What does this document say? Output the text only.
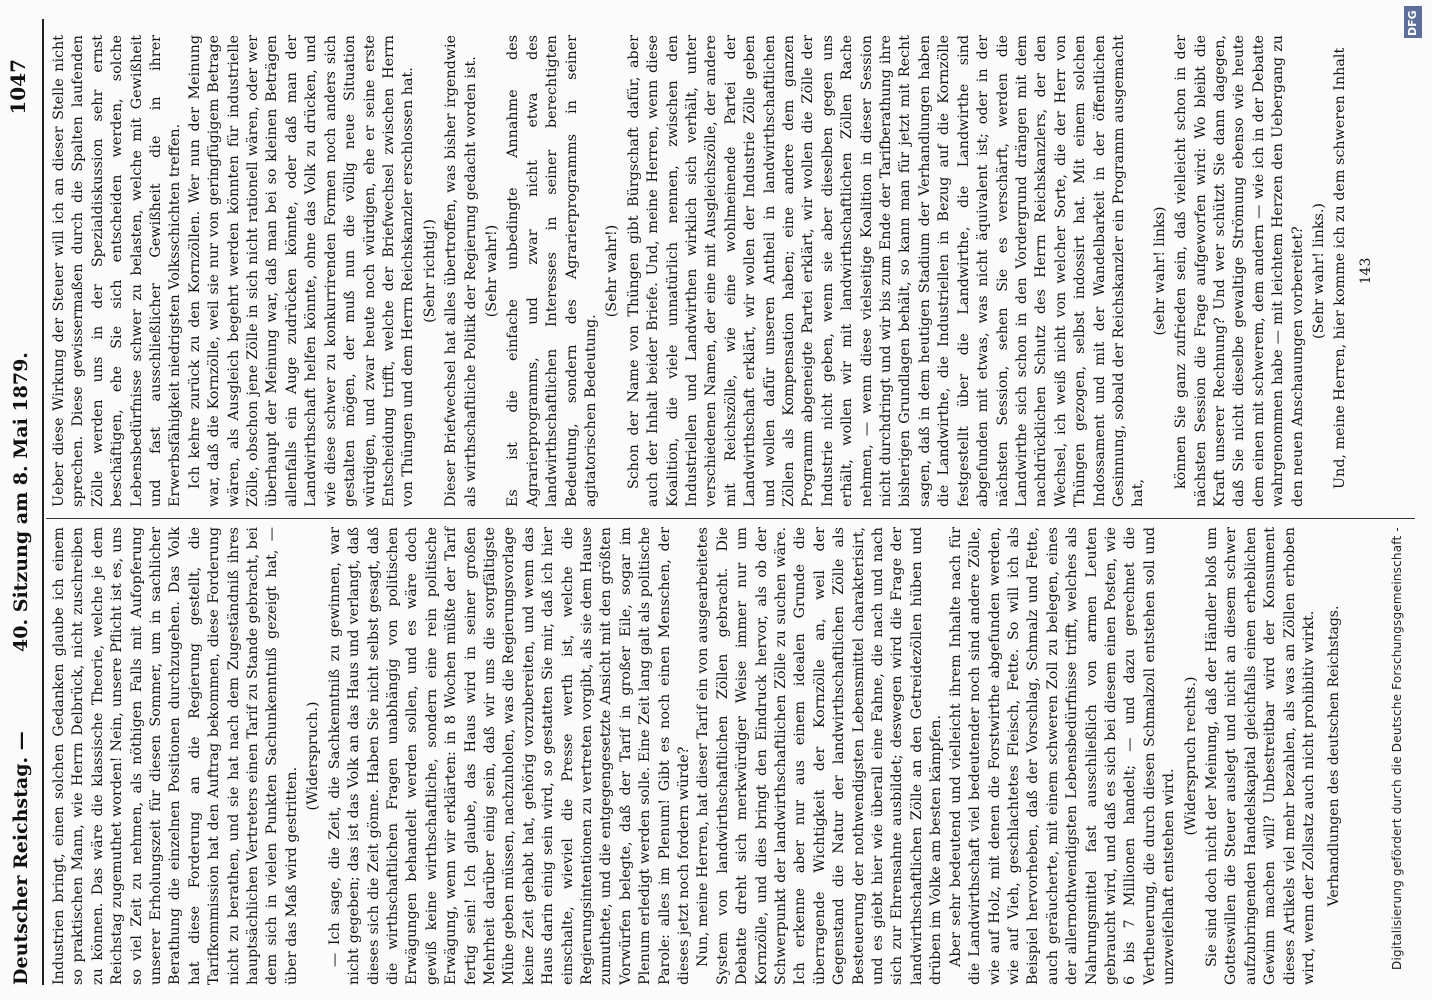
Deutscher Reichstag. —
40. Sitzung am 8. Mai 1879.
1047

Industrien bringt, einen solchen Gedanken glaube ich einem so praktischen Mann, wie Herrn Delbrück, nicht zuschreiben zu können. Das wäre die klassische Theorie, welche je dem Reichstag zugemuthet worden! Nein, unsere Pflicht ist es, uns so viel Zeit zu nehmen, als nöthigen Falls mit Aufopferung unserer Erholungszeit für diesen Sommer, um in sachlicher Berathung die einzelnen Positionen durchzugehen. Das Volk hat diese Forderung an die Regierung gestellt, die Tarifkommission hat den Auftrag bekommen, diese Forderung nicht zu berathen, und sie hat nach dem Zugeständniß ihres hauptsächlichen Vertreters einen Tarif zu Stande gebracht, bei dem sich in vielen Punkten Sachunkenntniß gezeigt hat, — über das Maß wird gestritten.

(Widerspruch.) — Ich sage, die Zeit, die Sachkenntniß zu gewinnen, war nicht gegeben; das ist das Volk an das Haus und verlangt, daß dieses sich die Zeit gönne. Haben Sie nicht selbst gesagt, daß die wirthschaftlichen Fragen unabhängig von politischen Erwägungen behandelt werden sollen, und es wäre doch gewiß keine wirthschaftliche, sondern eine rein politische Erwägung, wenn wir erklärten: in 8 Wochen müßte der Tarif fertig sein! Ich glaube, das Haus wird in seiner großen Mehrheit darüber einig sein, daß wir uns die sorgfältigste Mühe geben müssen, nachzuholen, was die Regierungsvorlage keine Zeit gehabt hat, gehörig vorzubereiten, und wenn das Haus darin einig sein wird, so gestatten Sie mir, daß ich hier einschalte, wieviel die Presse werth ist, welche die Regierungsintentionen zu vertreten vorgibt, als sie dem Hause zumuthete, und die entgegengesetzte Ansicht mit den größten Vorwürfen belegte, daß der Tarif in großer Eile, sogar im Plenum erledigt werden solle. Eine Zeit lang galt als politische Parole: alles im Plenum! Gibt es noch einen Menschen, der dieses jetzt noch fordern würde? Nun, meine Herren, hat dieser Tarif ein von ausgearbeitetes System von landwirthschaftlichen Zöllen gebracht. Die Debatte dreht sich merkwürdiger Weise immer nur um Kornzölle, und dies bringt den Eindruck hervor, als ob der Schwerpunkt der landwirthschaftlichen Zölle zu suchen wäre. Ich erkenne aber nur aus einem idealen Grunde die überragende Wichtigkeit der Kornzölle an, weil der Gegenstand die Natur der landwirthschaftlichen Zölle als Besteuerung der nothwendigsten Lebensmittel charakterisirt, und es giebt hier wie überall eine Fahne, die nach und nach sich zur Ehrensahne ausbildet; deswegen wird die Frage der landwirthschaftlichen Zölle an den Getreidezöllen hüben und drüben im Volke am besten kämpfen. Aber sehr bedeutend und vielleicht ihrem Inhalte nach für die Landwirthschaft viel bedeutender noch sind andere Zölle, wie auf Holz, mit denen die Forstwirthe abgefunden werden, wie auf Vieh, geschlachtetes Fleisch, Fette. So will ich als Beispiel hervorheben, daß der Vorschlag, Schmalz und Fette, auch geräucherte, mit einem schweren Zoll zu belegen, eines der allernothwendigsten Lebensbedürfnisse trifft, welches als Nahrungsmittel fast ausschließlich von armen Leuten gebraucht wird, und daß es sich bei diesem einen Posten, wie 6 bis 7 Millionen handelt; — und dazu gerechnet die Vertheuerung, die durch diesen Schmalzoll entstehen soll und unzweifelhaft entstehen wird.

(Widerspruch rechts.) Sie sind doch nicht der Meinung, daß der Händler bloß um Gotteswillen die Steuer auslegt und nicht an diesem schwer aufzubringenden Handelskapital gleichfalls einen erheblichen Gewinn machen will? Unbestreitbar wird der Konsument dieses Artikels viel mehr bezahlen, als was an Zöllen erhoben wird, wenn der Zollsatz auch nicht prohibitiv wirkt. Verhandlungen des deutschen Reichstags.

Ueber diese Wirkung der Steuer will ich an dieser Stelle nicht sprechen. Diese gewissermaßen durch die Spalten laufenden Zölle werden uns in der Spezialdiskussion sehr ernst beschäftigen, ehe Sie sich entscheiden werden, solche Lebensbedürfnisse schwer zu belasten, welche mit Gewißheit und fast ausschließlicher Gewißheit die in ihrer Erwerbsfähigkeit niedrigsten Volksschichten treffen. Ich kehre zurück zu den Kornzöllen. Wer nun der Meinung war, daß die Kornzölle, weil sie nur von geringfügigem Betrage wären, als Ausgleich begehrt werden könnten für industrielle Zölle, obschon jene Zölle in sich nicht rationell wären, oder wer überhaupt der Meinung war, daß man bei so kleinen Beträgen allenfalls ein Auge zudrücken könnte, oder daß man der Landwirthschaft helfen könnte, ohne das Volk zu drücken, und wie diese schwer zu konkurrirenden Formen noch anders sich gestalten mögen, der muß nun die völlig neue Situation würdigen, und zwar heute noch würdigen, ehe er seine erste Entscheidung trifft, welche der Briefwechsel zwischen Herrn von Thüngen und dem Herrn Reichskanzler erschlossen hat. (Sehr richtig!) Dieser Briefwechsel hat alles übertroffen, was bisher irgendwie als wirthschaftliche Politik der Regierung gedacht worden ist. (Sehr wahr!) Es ist die einfache unbedingte Annahme des Agrarierprogramms, und zwar nicht etwa des landwirthschaftlichen Interesses in seiner berechtigten Bedeutung, sondern des Agrarierprogramms in seiner agitatorischen Bedeutung.

(Sehr wahr!) Schon der Name von Thüngen gibt Bürgschaft dafür, aber auch der Inhalt beider Briefe. Und, meine Herren, wenn diese Koalition, die viele unnatürlich nennen, zwischen den Industriellen und Landwirthen wirklich sich verhält, unter verschiedenen Namen, der eine mit Ausgleichszölle, der andere mit Reichszölle, wie eine wohlmeinende Partei der Landwirthschaft erklärt, wir wollen der Industrie Zölle geben und wollen dafür unseren Antheil in landwirthschaftlichen Zöllen als Kompensation haben; eine andere dem ganzen Programm abgeneigte Partei erklärt, wir wollen die Zölle der Industrie nicht geben, wenn sie aber dieselben gegen uns erhält, wollen wir mit landwirthschaftlichen Zöllen Rache nehmen, — wenn diese vielseitige Koalition in dieser Session nicht durchdringt und wir bis zum Ende der Tarifberathung ihre bisherigen Grundlagen behält, so kann man für jetzt mit Recht sagen, daß in dem heutigen Stadium der Verhandlungen haben die Landwirthe, die Industriellen in Bezug auf die Kornzölle festgestellt über die Landwirthe, die Landwirthe sind abgefunden mit etwas, was nicht äquivalent ist; oder in der nächsten Session, sehen Sie es verschärft, werden die Landwirthe sich schon in den Vordergrund drängen mit dem nachdrücklichen Schutz des Herrn Reichskanzlers, der den Wechsel, ich weiß nicht von welcher Sorte, die der Herr von Thüngen gezogen, selbst indossirt hat. Mit einem solchen Indossament und mit der Wandelbarkeit in der öffentlichen Gesinnung, sobald der Reichskanzler ein Programm ausgemacht hat,

(sehr wahr! links) können Sie ganz zufrieden sein, daß vielleicht schon in der nächsten Session die Frage aufgeworfen wird: Wo bleibt die Kraft unserer Rechnung? Und wer schützt Sie dann dagegen, daß Sie nicht dieselbe gewaltige Strömung ebenso wie heute dem einen mit schwerem, dem andern — wie ich in der Debatte wahrgenommen habe — mit leichtem Herzen den Uebergang zu den neuen Anschauungen vorbereitet? (Sehr wahr! links.) Und, meine Herren, hier komme ich zu dem schweren Inhalt 143

Digitalisierung gefördert durch die Deutsche Forschungsgemeinschaft -
DFG
